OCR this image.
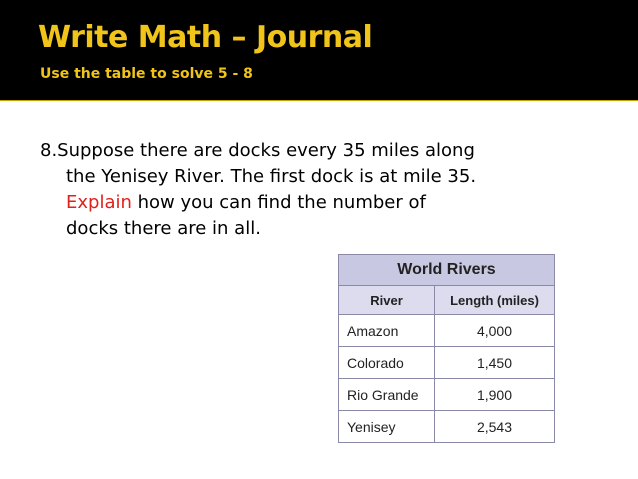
Write Math – Journal
Use the table to solve 5 - 8
8.Suppose there are docks every 35 miles along
the Yenisey River. The first dock is at mile 35.
Explain how you can find the number of
docks there are in all.
World Rivers	
River	Length (miles)
Amazon	4,000
Colorado	1,450
Rio Grande	1,900
Yenisey	2,543
